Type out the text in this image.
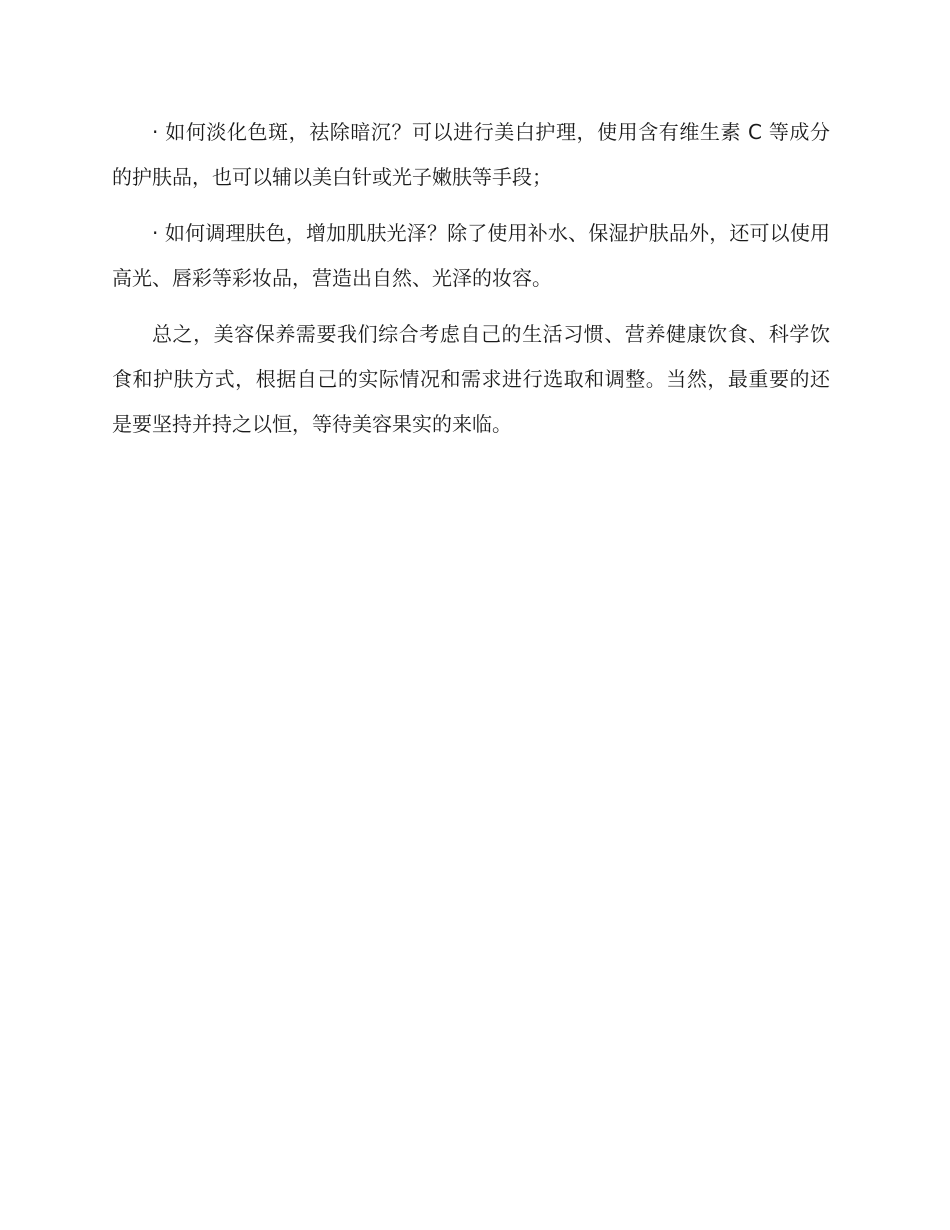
· 如何淡化色斑，祛除暗沉？可以进行美白护理，使用含有维生素 C 等成分的护肤品，也可以辅以美白针或光子嫩肤等手段；

· 如何调理肤色，增加肌肤光泽？除了使用补水、保湿护肤品外，还可以使用高光、唇彩等彩妆品，营造出自然、光泽的妆容。

总之，美容保养需要我们综合考虑自己的生活习惯、营养健康饮食、科学饮食和护肤方式，根据自己的实际情况和需求进行选取和调整。当然，最重要的还是要坚持并持之以恒，等待美容果实的来临。
